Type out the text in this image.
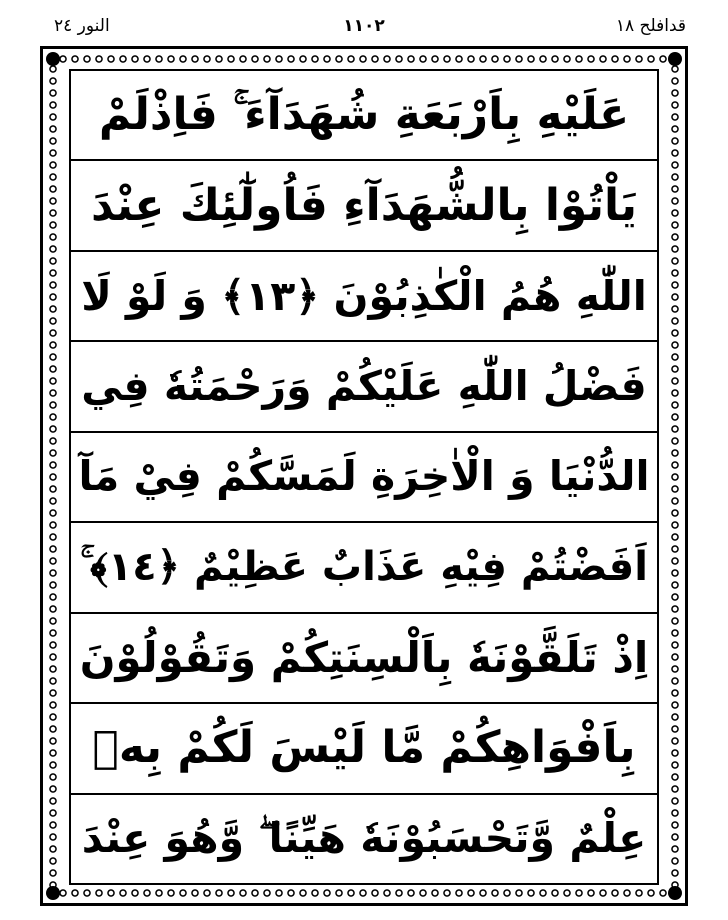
النور ٢٤	١١٠٢	قدافلح ١٨
عَلَيْهِ بِاَرْبَعَةِ شُهَدَآءَ ۚ فَاِذْلَمْ
يَاْتُوْا بِالشُّهَدَآءِ فَاُولٰٓئِكَ عِنْدَ
اللّٰهِ هُمُ الْكٰذِبُوْنَ ﴿١٣﴾ وَ لَوْ لَا
فَضْلُ اللّٰهِ عَلَيْكُمْ وَرَحْمَتُهٗ فِي
الدُّنْيَا وَ الْاٰخِرَةِ لَمَسَّكُمْ فِيْ مَآ
اَفَضْتُمْ فِيْهِ عَذَابٌ عَظِيْمٌ ﴿١٤﴾ ۚ
اِذْ تَلَقَّوْنَهٗ بِاَلْسِنَتِكُمْ وَتَقُوْلُوْنَ
بِاَفْوَاهِكُمْ مَّا لَيْسَ لَكُمْ بِهٖ
عِلْمٌ وَّتَحْسَبُوْنَهٗ هَيِّنًا ۖ وَّهُوَ عِنْدَ
